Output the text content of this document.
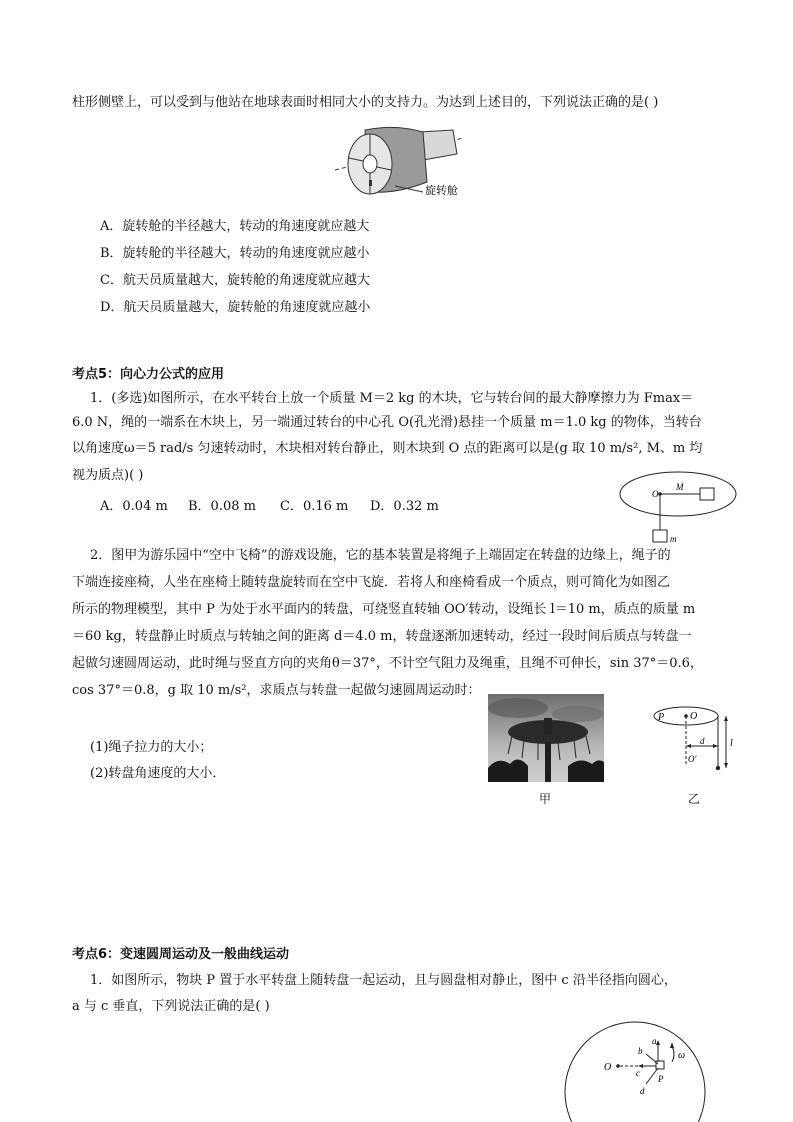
柱形侧壁上，可以受到与他站在地球表面时相同大小的支持力。为达到上述目的，下列说法正确的是( )
旋转舱
A．旋转舱的半径越大，转动的角速度就应越大
B．旋转舱的半径越大，转动的角速度就应越小
C．航天员质量越大，旋转舱的角速度就应越大
D．航天员质量越大，旋转舱的角速度就应越小
考点5：向心力公式的应用
1．(多选)如图所示，在水平转台上放一个质量 M＝2 kg 的木块，它与转台间的最大静摩擦力为 Fmax＝
6.0 N，绳的一端系在木块上，另一端通过转台的中心孔 O(孔光滑)悬挂一个质量 m＝1.0 kg 的物体，当转台
以角速度ω＝5 rad/s 匀速转动时，木块相对转台静止，则木块到 O 点的距离可以是(g 取 10 m/s², M、m 均
视为质点)( )
A．0.04 m B．0.08 m C．0.16 m D．0.32 m
O
M
m
2．图甲为游乐园中“空中飞椅”的游戏设施，它的基本装置是将绳子上端固定在转盘的边缘上，绳子的
下端连接座椅，人坐在座椅上随转盘旋转而在空中飞旋．若将人和座椅看成一个质点，则可简化为如图乙
所示的物理模型，其中 P 为处于水平面内的转盘，可绕竖直转轴 OO′转动，设绳长 l＝10 m，质点的质量 m
＝60 kg，转盘静止时质点与转轴之间的距离 d＝4.0 m，转盘逐渐加速转动，经过一段时间后质点与转盘一
起做匀速圆周运动，此时绳与竖直方向的夹角θ＝37°，不计空气阻力及绳重，且绳不可伸长，sin 37°＝0.6，
cos 37°＝0.8，g 取 10 m/s²，求质点与转盘一起做匀速圆周运动时：
(1)绳子拉力的大小；
(2)转盘角速度的大小．
甲
P	O
d
O′
l
乙
考点6：变速圆周运动及一般曲线运动
1．如图所示，物块 P 置于水平转盘上随转盘一起运动，且与圆盘相对静止，图中 c 沿半径指向圆心，
a 与 c 垂直，下列说法正确的是( )
O
a
b
c
d
P
ω
